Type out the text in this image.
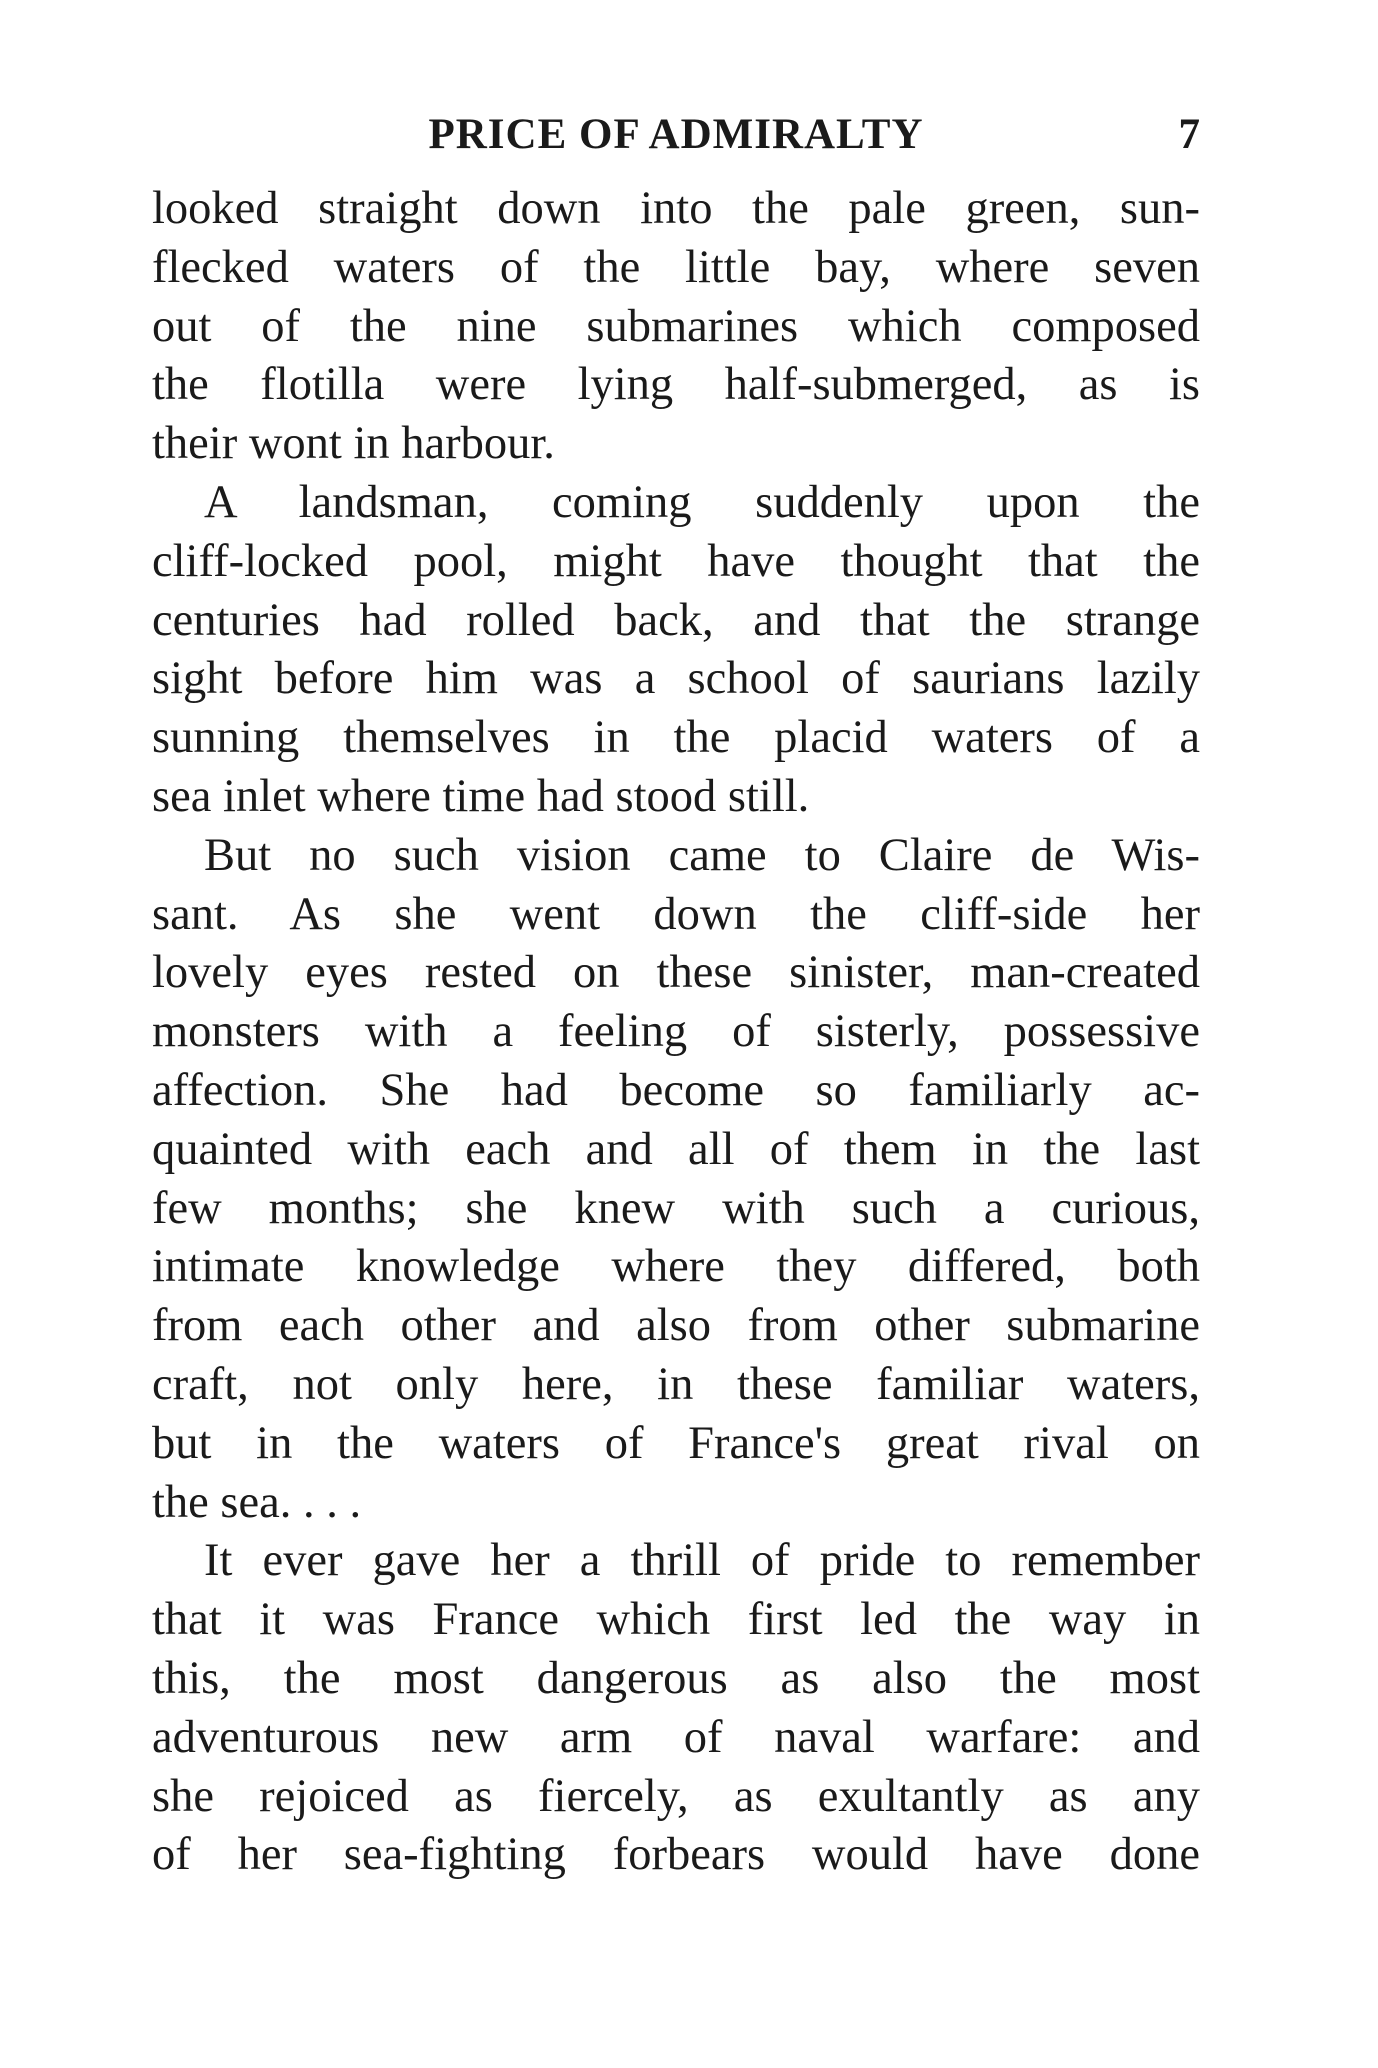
PRICE OF ADMIRALTY	7
looked straight down into the pale green, sun-
flecked waters of the little bay, where seven
out of the nine submarines which composed
the flotilla were lying half-submerged, as is
their wont in harbour.
A landsman, coming suddenly upon the
cliff-locked pool, might have thought that the
centuries had rolled back, and that the strange
sight before him was a school of saurians lazily
sunning themselves in the placid waters of a
sea inlet where time had stood still.
But no such vision came to Claire de Wis-
sant. As she went down the cliff-side her
lovely eyes rested on these sinister, man-created
monsters with a feeling of sisterly, possessive
affection. She had become so familiarly ac-
quainted with each and all of them in the last
few months; she knew with such a curious,
intimate knowledge where they differed, both
from each other and also from other submarine
craft, not only here, in these familiar waters,
but in the waters of France's great rival on
the sea. . . .
It ever gave her a thrill of pride to remember
that it was France which first led the way in
this, the most dangerous as also the most
adventurous new arm of naval warfare: and
she rejoiced as fiercely, as exultantly as any
of her sea-fighting forbears would have done
